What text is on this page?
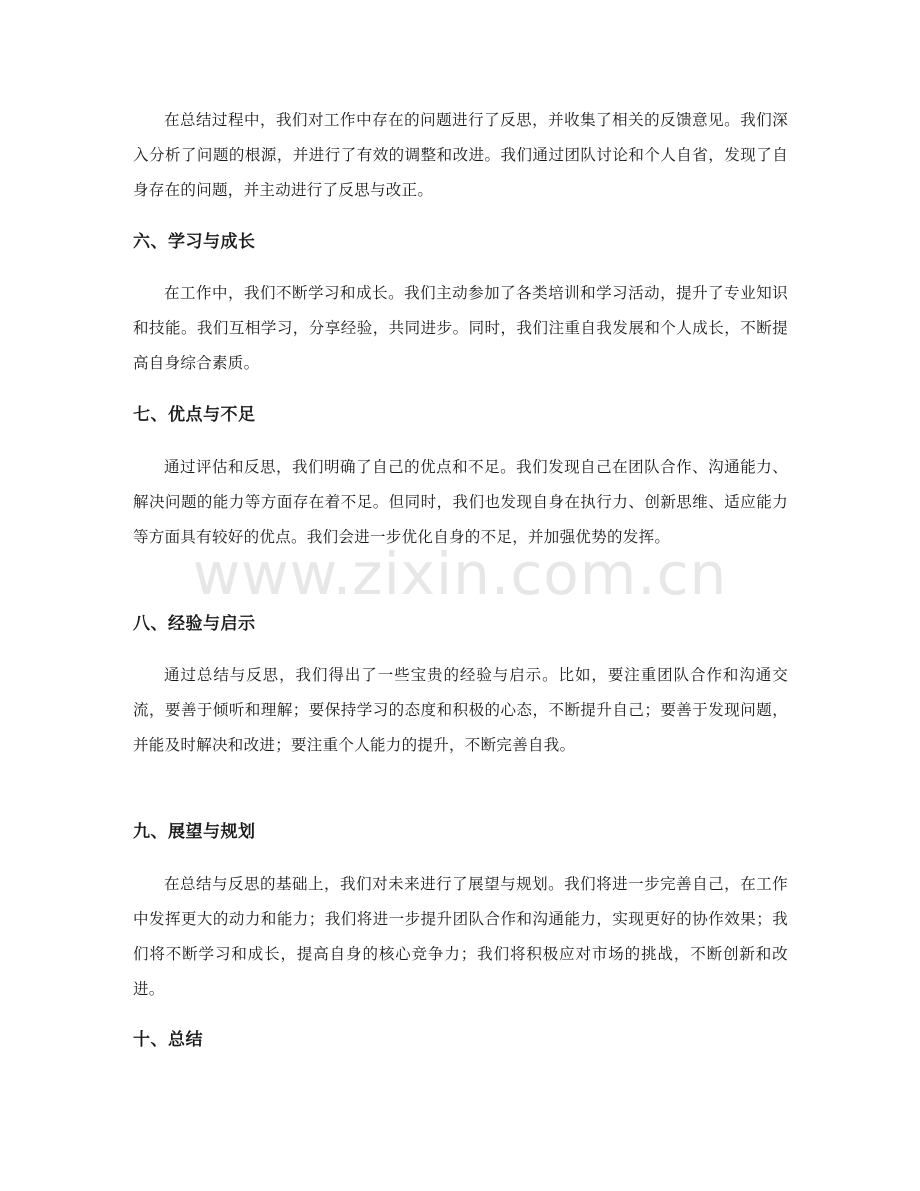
在总结过程中，我们对工作中存在的问题进行了反思，并收集了相关的反馈意见。我们深入分析了问题的根源，并进行了有效的调整和改进。我们通过团队讨论和个人自省，发现了自身存在的问题，并主动进行了反思与改正。

六、学习与成长

在工作中，我们不断学习和成长。我们主动参加了各类培训和学习活动，提升了专业知识和技能。我们互相学习，分享经验，共同进步。同时，我们注重自我发展和个人成长，不断提高自身综合素质。

七、优点与不足

通过评估和反思，我们明确了自己的优点和不足。我们发现自己在团队合作、沟通能力、解决问题的能力等方面存在着不足。但同时，我们也发现自身在执行力、创新思维、适应能力等方面具有较好的优点。我们会进一步优化自身的不足，并加强优势的发挥。

八、经验与启示

通过总结与反思，我们得出了一些宝贵的经验与启示。比如，要注重团队合作和沟通交流，要善于倾听和理解；要保持学习的态度和积极的心态，不断提升自己；要善于发现问题，并能及时解决和改进；要注重个人能力的提升，不断完善自我。

九、展望与规划

在总结与反思的基础上，我们对未来进行了展望与规划。我们将进一步完善自己，在工作中发挥更大的动力和能力；我们将进一步提升团队合作和沟通能力，实现更好的协作效果；我们将不断学习和成长，提高自身的核心竞争力；我们将积极应对市场的挑战，不断创新和改进。

十、总结
www.zixin.com.cn
